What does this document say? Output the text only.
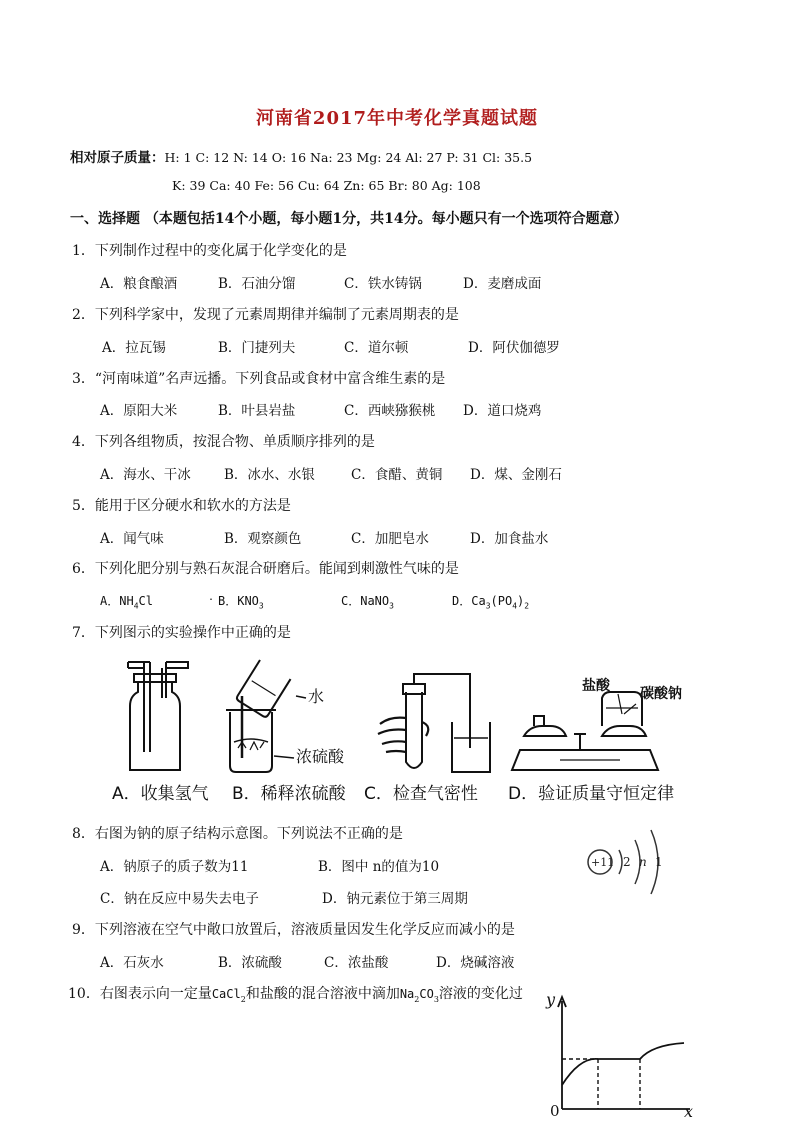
河南省2017年中考化学真题试题
相对原子质量：H: 1 C: 12 N: 14 O: 16 Na: 23 Mg: 24 Al: 27 P: 31 Cl: 35.5
K: 39 Ca: 40 Fe: 56 Cu: 64 Zn: 65 Br: 80 Ag: 108
一、选择题 （本题包括14个小题，每小题1分，共14分。每小题只有一个选项符合题意）
1．下列制作过程中的变化属于化学变化的是
A．粮食酿酒	B．石油分馏	C．铁水铸锅	D．麦磨成面
2．下列科学家中，发现了元素周期律并编制了元素周期表的是
A．拉瓦锡	B．门捷列夫	C．道尔顿	D．阿伏伽德罗
3．“河南味道”名声远播。下列食品或食材中富含维生素的是
A．原阳大米	B．叶县岩盐	C．西峡猕猴桃 D．道口烧鸡
4．下列各组物质，按混合物、单质顺序排列的是
A．海水、干冰 B．冰水、水银	C．食醋、黄铜 D．煤、金刚石
5．能用于区分硬水和软水的方法是
A．闻气味	B．观察颜色	C．加肥皂水	D．加食盐水
6．下列化肥分别与熟石灰混合研磨后。能闻到刺激性气味的是
A．$NH_4Cl$	. B．$KNO_3$	C．NaNO$_3$	D．$Ca_3(PO_4)_2$
7．下列图示的实验操作中正确的是
水
浓硫酸
盐酸 碳酸钠
A．收集氢气 B．稀释浓硫酸 C．检查气密性 D．验证质量守恒定律
8．右图为钠的原子结构示意图。下列说法不正确的是
A．钠原子的质子数为11	B．图中 n的值为10
C．钠在反应中易失去电子	D．钠元素位于第三周期
+11 2 n 1
9．下列溶液在空气中敞口放置后，溶液质量因发生化学反应而减小的是
A．石灰水	B．浓硫酸	C．浓盐酸	D．烧碱溶液
10．右图表示向一定量CaCl$_2$和盐酸的混合溶液中滴加$Na_2CO_3$溶液的变化过 y
x
0
